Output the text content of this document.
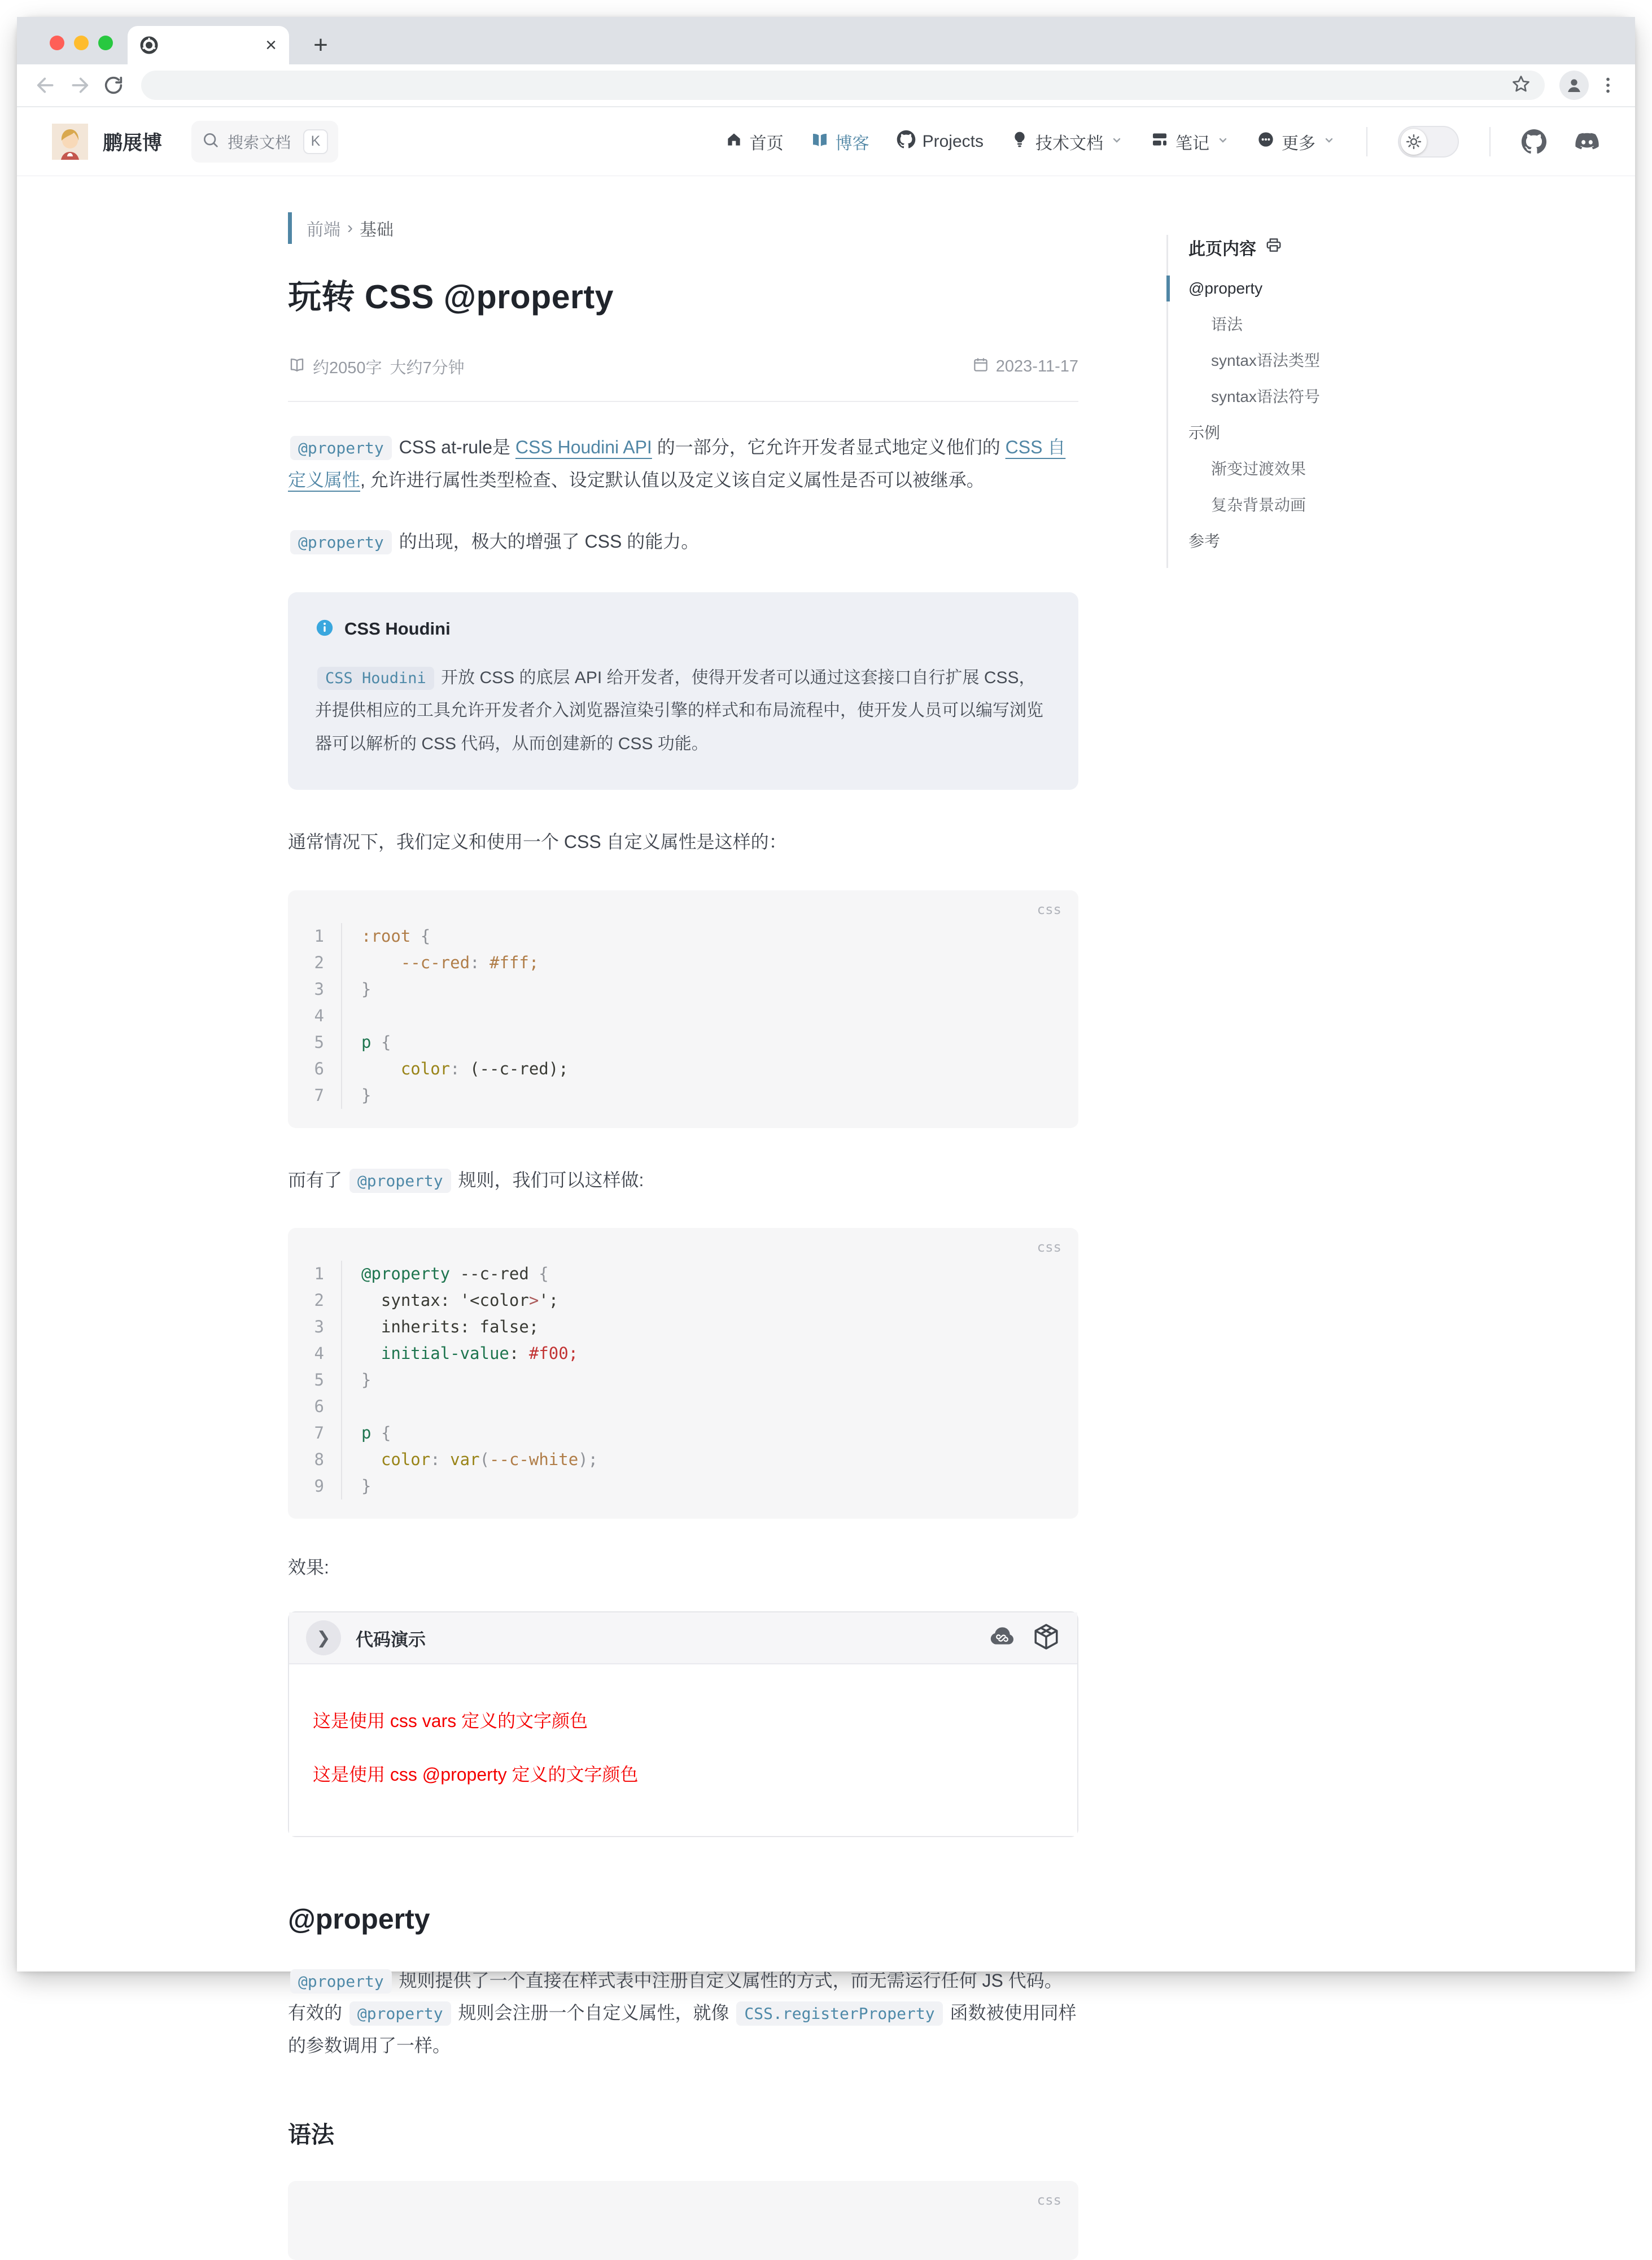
× +
鹏展博	搜索文档	K	首页	博客	Projects	技术文档	笔记	更多
前端 › 基础
玩转 CSS @property
约2050字 大约7分钟	2023-11-17

@property CSS at-rule是 CSS Houdini API 的一部分，它允许开发者显式地定义他们的 CSS 自定义属性, 允许进行属性类型检查、设定默认值以及定义该自定义属性是否可以被继承。

@property 的出现，极大的增强了 CSS 的能力。

CSS Houdini

CSS Houdini 开放 CSS 的底层 API 给开发者，使得开发者可以通过这套接口自行扩展 CSS，并提供相应的工具允许开发者介入浏览器渲染引擎的样式和布局流程中，使开发人员可以编写浏览器可以解析的 CSS 代码，从而创建新的 CSS 功能。

通常情况下，我们定义和使用一个 CSS 自定义属性是这样的：

css
1	:root {
2	--c-red: #fff;
3	}
4

5	p {
6	color: (--c-red);
7	}

而有了 @property 规则，我们可以这样做:

css
1	@property --c-red {
2	syntax: '<color>';
3	inherits: false;
4	initial-value: #f00;
5	}
6

7	p {
8	color: var(--c-white);
9	}

效果:

❯ 代码演示

这是使用 css vars 定义的文字颜色

这是使用 css @property 定义的文字颜色

@property

@property 规则提供了一个直接在样式表中注册自定义属性的方式，而无需运行任何 JS 代码。有效的 @property 规则会注册一个自定义属性，就像 CSS.registerProperty 函数被使用同样的参数调用了一样。

语法
css
此页内容
@property
语法
syntax语法类型
syntax语法符号
示例
渐变过渡效果
复杂背景动画
参考
